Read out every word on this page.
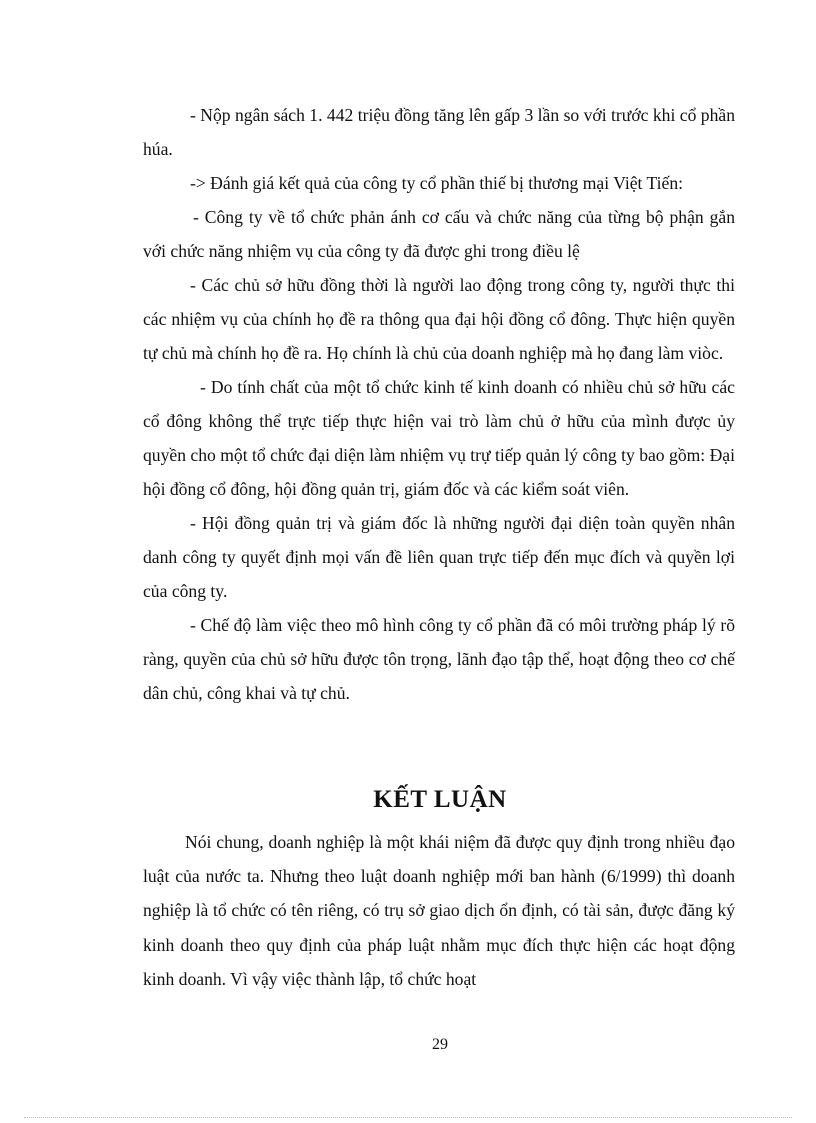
- Nộp ngân sách 1. 442 triệu đồng tăng lên gấp 3 lần so với trước khi cổ phần húa.

-> Đánh giá kết quả của công ty cổ phần thiế bị thương mại Việt Tiến:

- Công ty về tổ chức phản ánh cơ cấu và chức năng của từng bộ phận gắn với chức năng nhiệm vụ của công ty đã được ghi trong điều lệ

- Các chủ sở hữu đồng thời là người lao động trong công ty, người thực thi các nhiệm vụ của chính họ đề ra thông qua đại hội đồng cổ đông. Thực hiện quyền tự chủ mà chính họ đề ra. Họ chính là chủ của doanh nghiệp mà họ đang làm viòc.

- Do tính chất của một tổ chức kinh tế kinh doanh có nhiều chủ sở hữu các cổ đông không thể trực tiếp thực hiện vai trò làm chủ ở hữu của mình được ủy quyền cho một tổ chức đại diện làm nhiệm vụ trự tiếp quản lý công ty bao gồm: Đại hội đồng cổ đông, hội đồng quản trị, giám đốc và các kiểm soát viên.

- Hội đồng quản trị và giám đốc là những người đại diện toàn quyền nhân danh công ty quyết định mọi vấn đề liên quan trực tiếp đến mục đích và quyền lợi của công ty.

- Chế độ làm việc theo mô hình công ty cổ phần đã có môi trường pháp lý rõ ràng, quyền của chủ sở hữu được tôn trọng, lãnh đạo tập thể, hoạt động theo cơ chế dân chủ, công khai và tự chủ.

KẾT LUẬN

Nói chung, doanh nghiệp là một khái niệm đã được quy định trong nhiều đạo luật của nước ta. Nhưng theo luật doanh nghiệp mới ban hành (6/1999) thì doanh nghiệp là tổ chức có tên riêng, có trụ sở giao dịch ổn định, có tài sản, được đăng ký kinh doanh theo quy định của pháp luật nhằm mục đích thực hiện các hoạt động kinh doanh. Vì vậy việc thành lập, tổ chức hoạt

29
